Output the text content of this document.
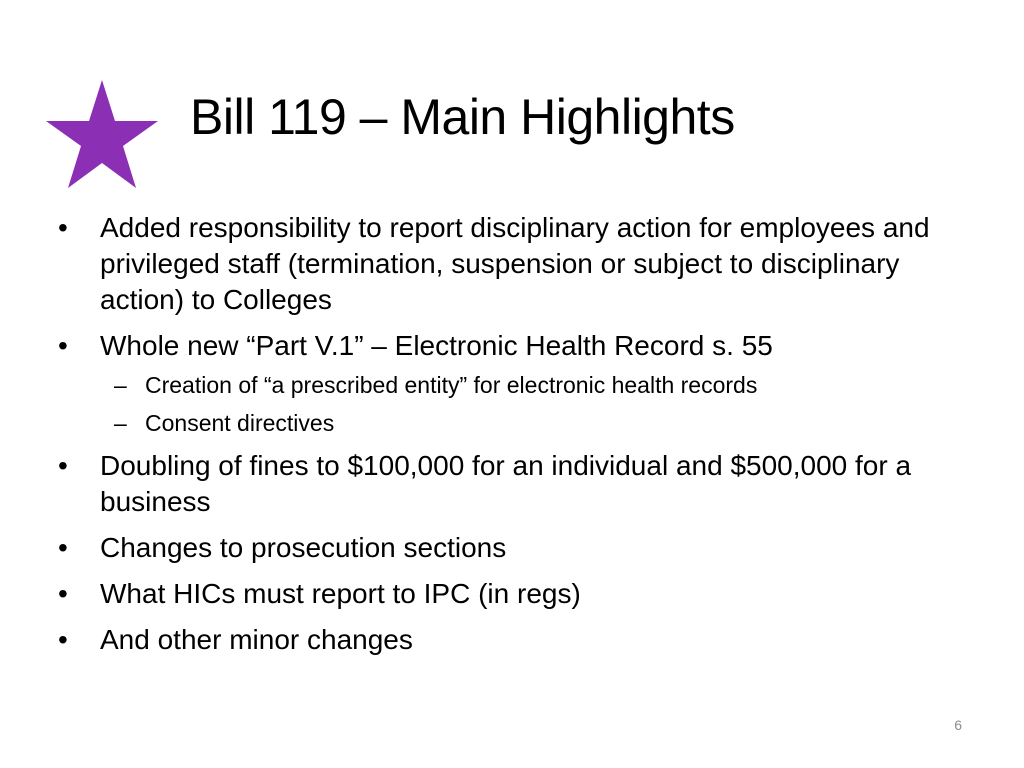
Bill 119 – Main Highlights
•	Added responsibility to report disciplinary action for employees and privileged staff (termination, suspension or subject to disciplinary action) to Colleges
•	Whole new “Part V.1” – Electronic Health Record s. 55
– Creation of “a prescribed entity” for electronic health records
– Consent directives
•	Doubling of fines to $100,000 for an individual and $500,000 for a business
•	Changes to prosecution sections
•	What HICs must report to IPC (in regs)
•	And other minor changes
6
